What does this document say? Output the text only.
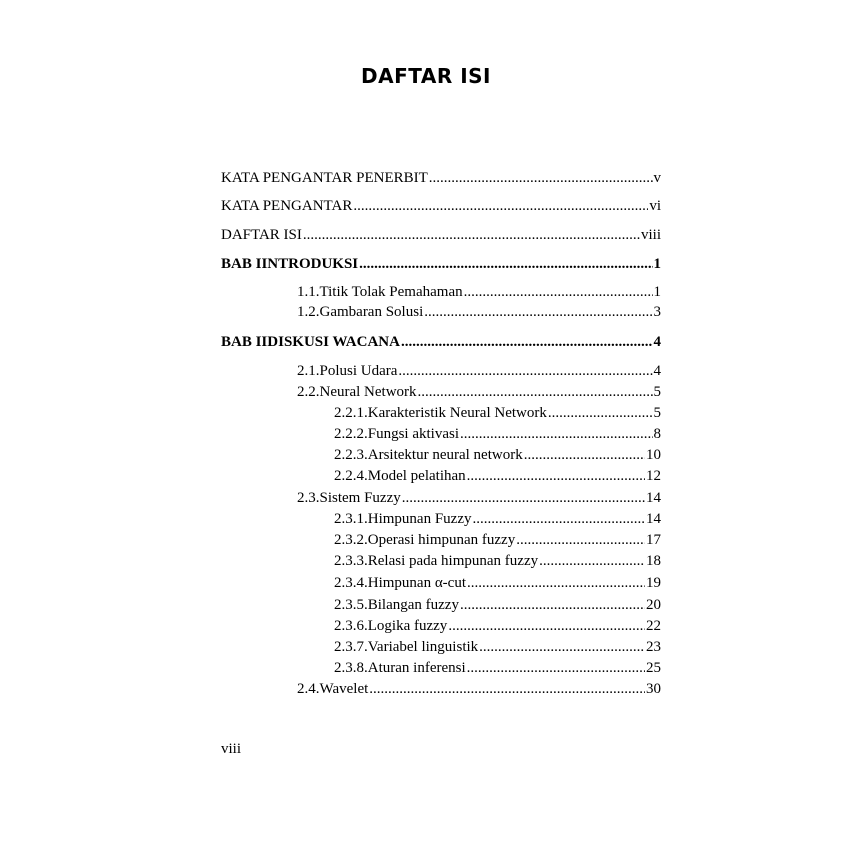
DAFTAR ISI
KATA PENGANTAR PENERBIT .....	v
KATA PENGANTAR .....	vi
DAFTAR ISI .....	viii
BAB I INTRODUKSI .....	1
1.1. Titik Tolak Pemahaman .....	1
1.2. Gambaran Solusi .....	3
BAB II DISKUSI WACANA .....	4
2.1. Polusi Udara .....	4
2.2. Neural Network .....	5
2.2.1. Karakteristik Neural Network .....	5
2.2.2. Fungsi aktivasi .....	8
2.2.3. Arsitektur neural network .....	10
2.2.4. Model pelatihan .....	12
2.3. Sistem Fuzzy .....	14
2.3.1. Himpunan Fuzzy .....	14
2.3.2. Operasi himpunan fuzzy .....	17
2.3.3. Relasi pada himpunan fuzzy .....	18
2.3.4. Himpunan α-cut .....	19
2.3.5. Bilangan fuzzy .....	20
2.3.6. Logika fuzzy .....	22
2.3.7. Variabel linguistik .....	23
2.3.8. Aturan inferensi .....	25
2.4. Wavelet .....	30
viii
